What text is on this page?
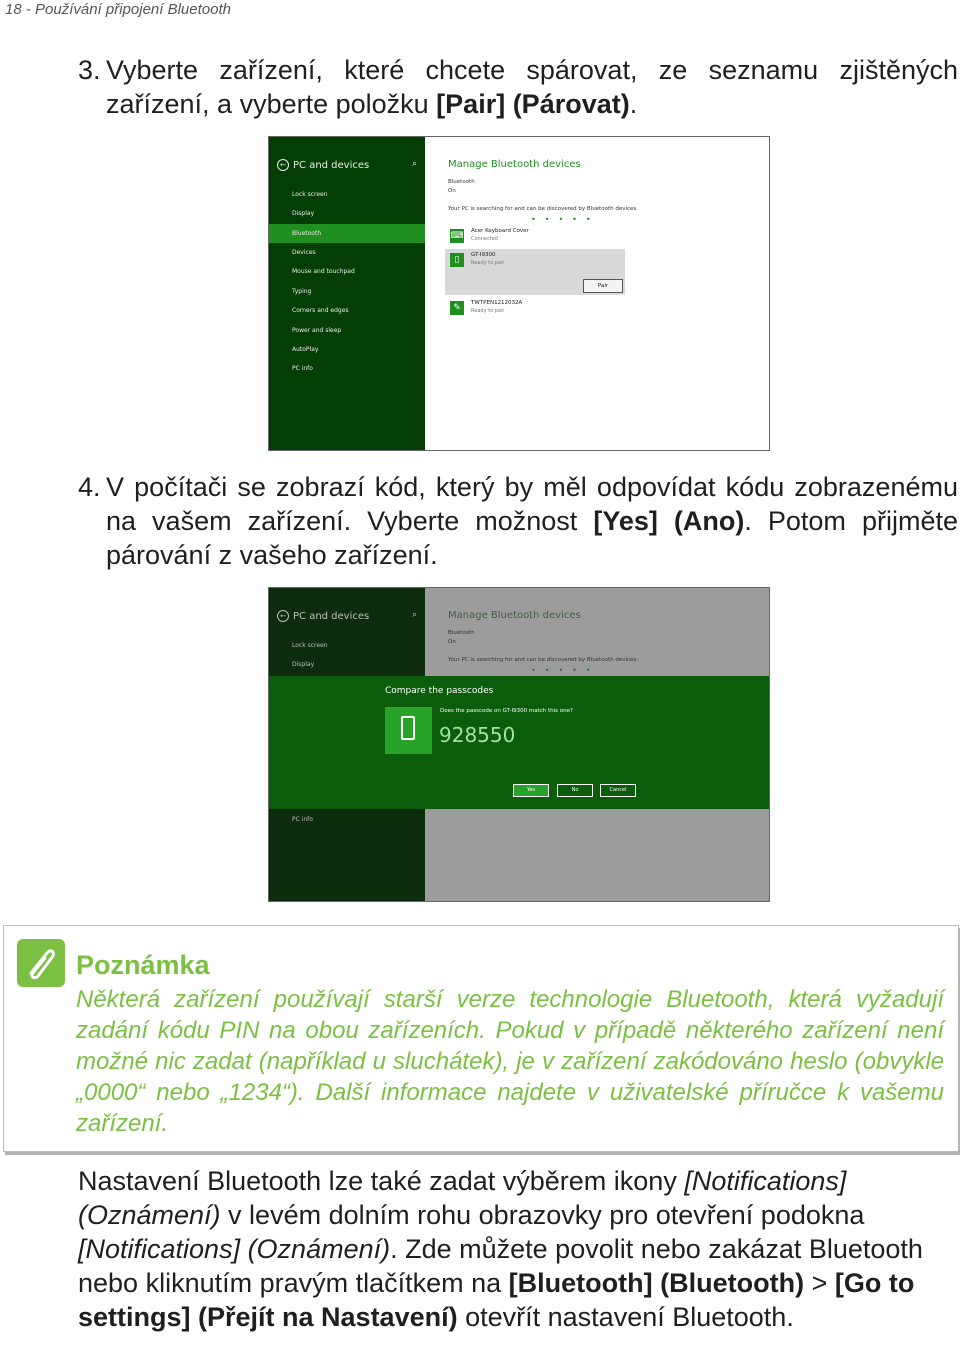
18 - Používání připojení Bluetooth
3. Vyberte zařízení, které chcete spárovat, ze seznamu zjištěných zařízení, a vyberte položku [Pair] (Párovat).
← PC and devices	⌕
Lock screen
Display
Bluetooth
Devices
Mouse and touchpad
Typing
Corners and edges
Power and sleep
AutoPlay
PC info
Manage Bluetooth devices
Bluetooth
On
Your PC is searching for and can be discovered by Bluetooth devices.
•••••
⌨ Acer Keyboard Cover
Connected
▯	GT-I9300
Ready to pair
Pair
✎	TWTPEN1212032A
Ready to pair
4. V počítači se zobrazí kód, který by měl odpovídat kódu zobrazenému na vašem zařízení. Vyberte možnost [Yes] (Ano). Potom přijměte párování z vašeho zařízení.
← PC and devices	⌕
Lock screen
Display
PC info
Manage Bluetooth devices
Bluetooth
On
Your PC is searching for and can be discovered by Bluetooth devices.
•••••
Compare the passcodes
Does the passcode on GT-I9300 match this one?
928550
Yes	No	Cancel
Poznámka
Některá zařízení používají starší verze technologie Bluetooth, která vyžadují zadání kódu PIN na obou zařízeních. Pokud v případě některého zařízení není možné nic zadat (například u sluchátek), je v zařízení zakódováno heslo (obvykle „0000“ nebo „1234“). Další informace najdete v uživatelské příručce k vašemu zařízení.
Nastavení Bluetooth lze také zadat výběrem ikony [Notifications] (Oznámení) v levém dolním rohu obrazovky pro otevření podokna [Notifications] (Oznámení). Zde můžete povolit nebo zakázat Bluetooth nebo kliknutím pravým tlačítkem na [Bluetooth] (Bluetooth) > [Go to settings] (Přejít na Nastavení) otevřít nastavení Bluetooth.
